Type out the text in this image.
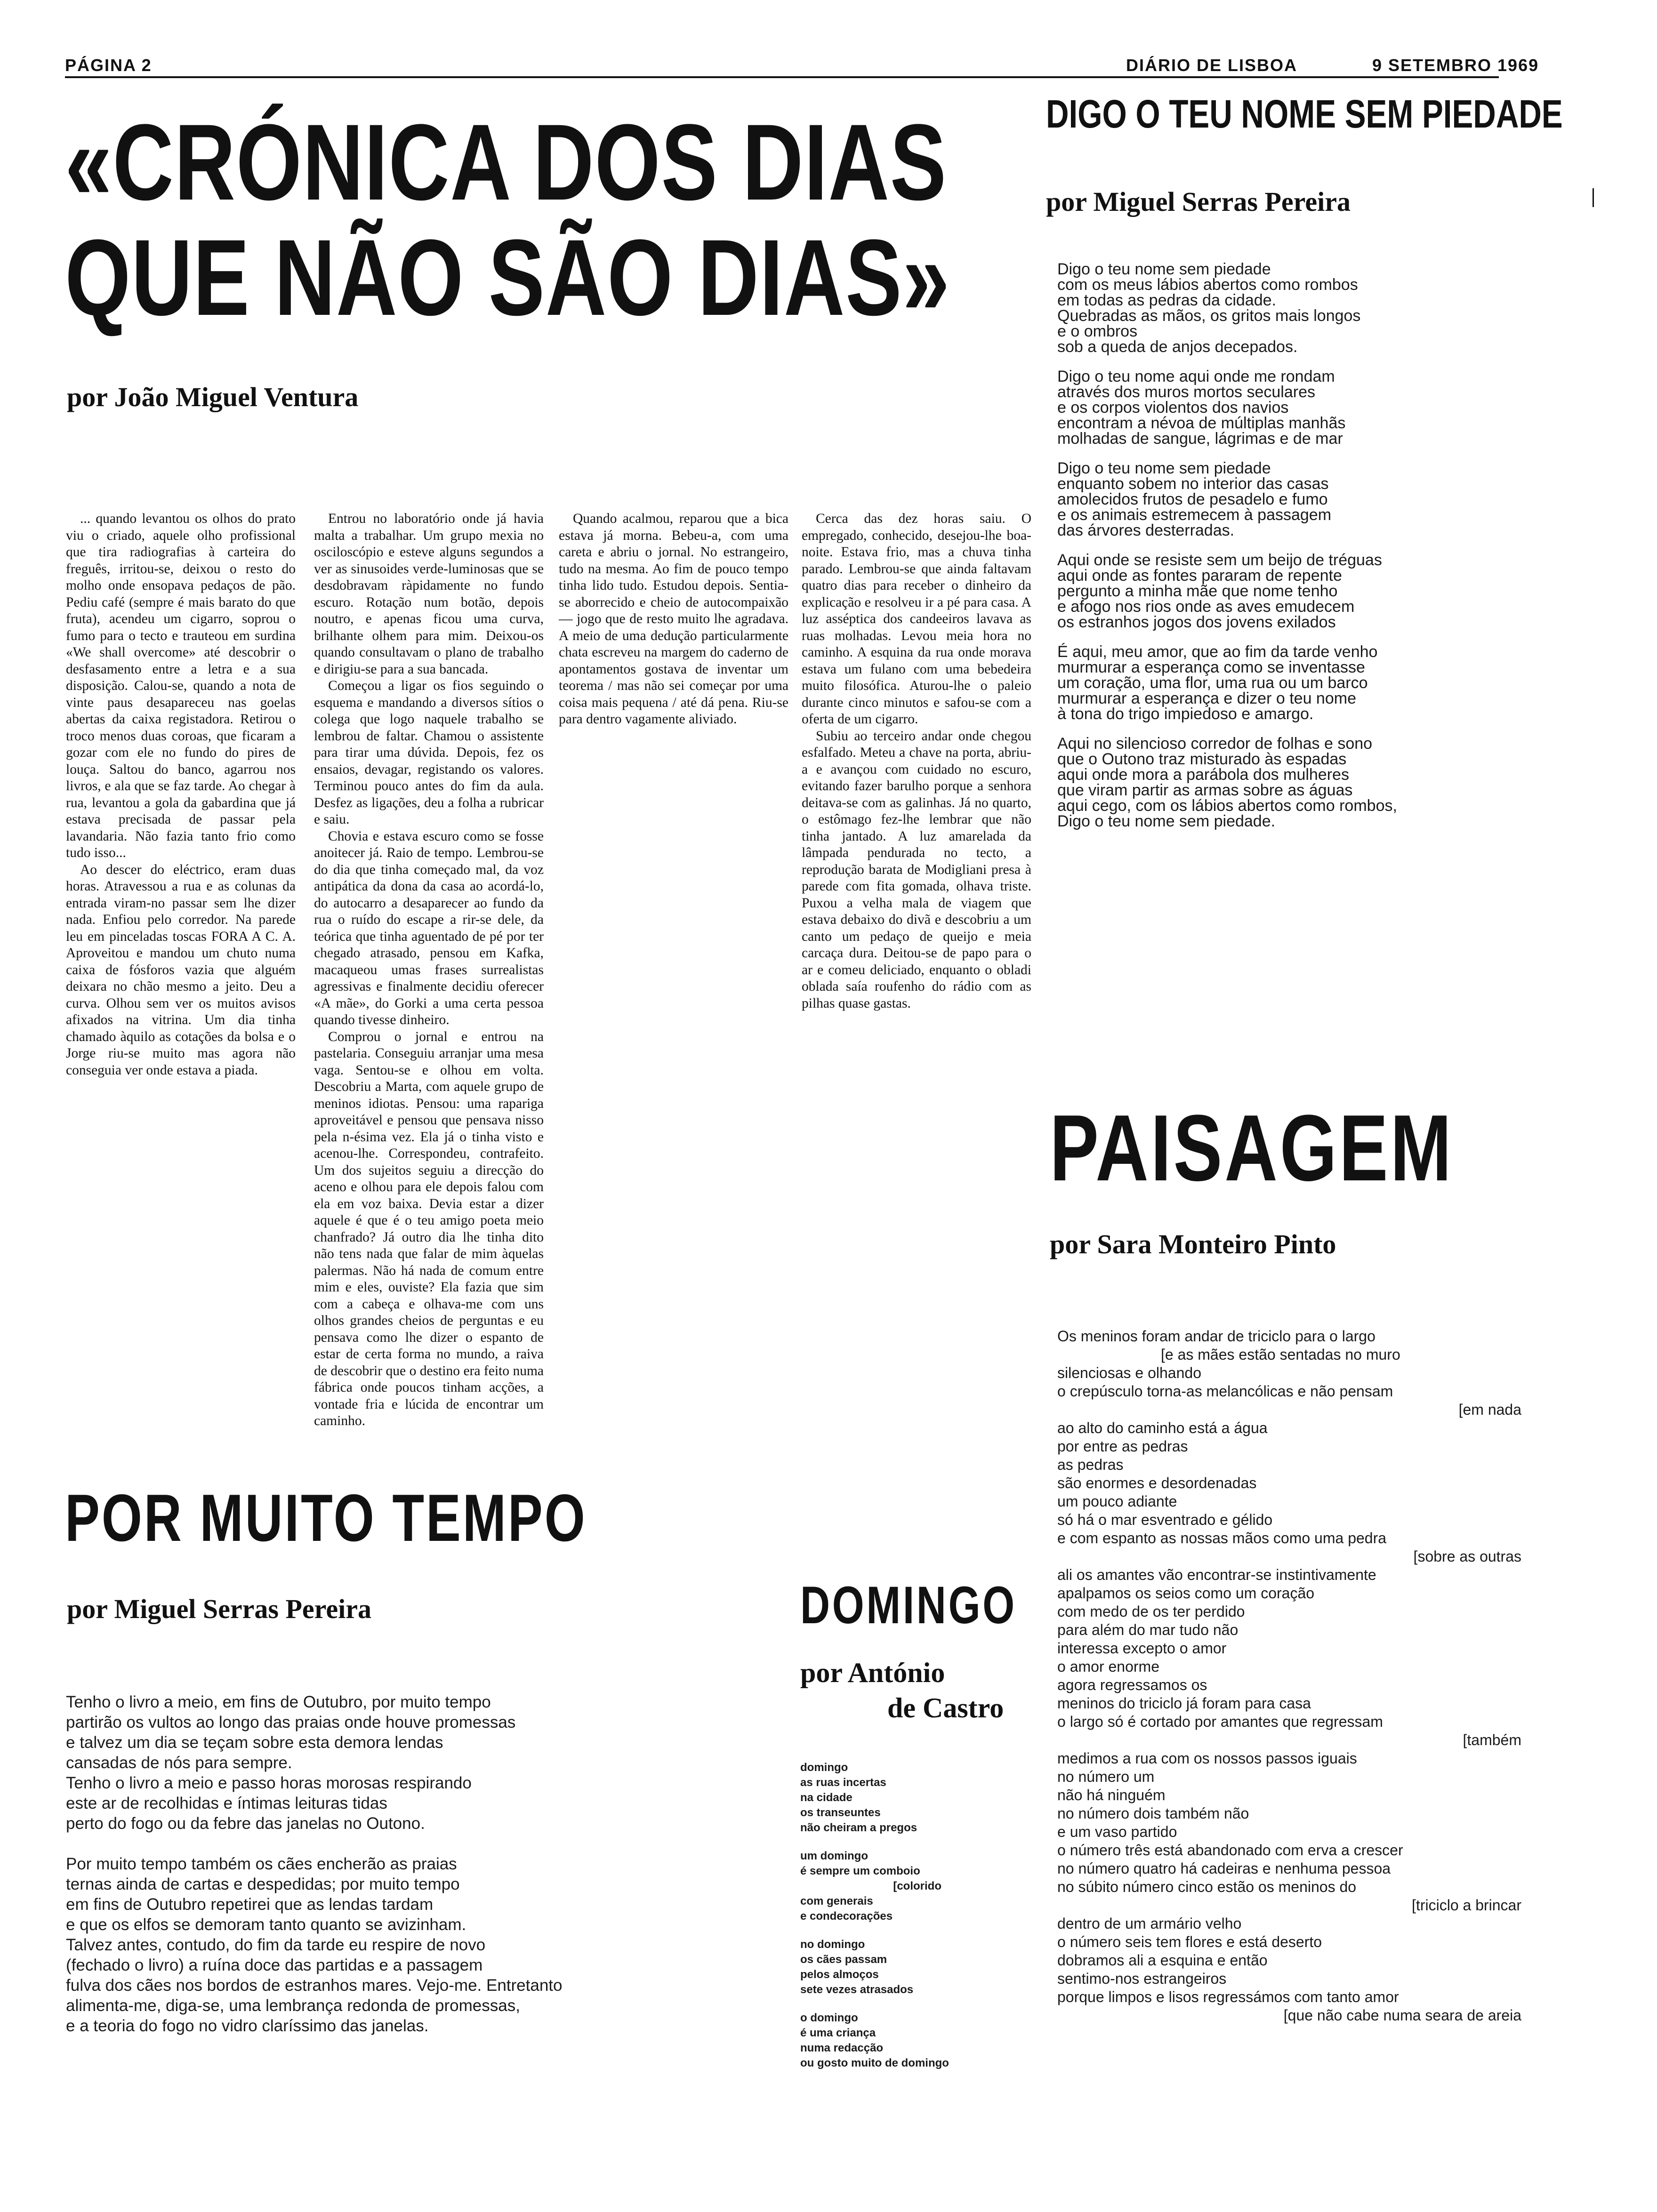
PÁGINA 2	DIÁRIO DE LISBOA	9 SETEMBRO 1969
«CRÓNICA DOS DIAS
QUE NÃO SÃO DIAS»
por João Miguel Ventura

... quando levantou os olhos do prato viu o criado, aquele olho profissional que tira radiografias à carteira do freguês, irritou-se, deixou o resto do molho onde ensopava pedaços de pão. Pediu café (sempre é mais barato do que fruta), acendeu um cigarro, soprou o fumo para o tecto e trauteou em surdina «We shall overcome» até descobrir o desfasamento entre a letra e a sua disposição. Calou-se, quando a nota de vinte paus desapareceu nas goelas abertas da caixa registadora. Retirou o troco menos duas coroas, que ficaram a gozar com ele no fundo do pires de louça. Saltou do banco, agarrou nos livros, e ala que se faz tarde. Ao chegar à rua, levantou a gola da gabardina que já estava precisada de passar pela lavandaria. Não fazia tanto frio como tudo isso...

Ao descer do eléctrico, eram duas horas. Atravessou a rua e as colunas da entrada viram-no passar sem lhe dizer nada. Enfiou pelo corredor. Na parede leu em pinceladas toscas FORA A C. A. Aproveitou e mandou um chuto numa caixa de fósforos vazia que alguém deixara no chão mesmo a jeito. Deu a curva. Olhou sem ver os muitos avisos afixados na vitrina. Um dia tinha chamado àquilo as cotações da bolsa e o Jorge riu-se muito mas agora não conseguia ver onde estava a piada.

Entrou no laboratório onde já havia malta a trabalhar. Um grupo mexia no osciloscópio e esteve alguns segundos a ver as sinusoides verde-luminosas que se desdobravam ràpidamente no fundo escuro. Rotação num botão, depois noutro, e apenas ficou uma curva, brilhante olhem para mim. Deixou-os quando consultavam o plano de trabalho e dirigiu-se para a sua bancada.

Começou a ligar os fios seguindo o esquema e mandando a diversos sítios o colega que logo naquele trabalho se lembrou de faltar. Chamou o assistente para tirar uma dúvida. Depois, fez os ensaios, devagar, registando os valores. Terminou pouco antes do fim da aula. Desfez as ligações, deu a folha a rubricar e saiu.

Chovia e estava escuro como se fosse anoitecer já. Raio de tempo. Lembrou-se do dia que tinha começado mal, da voz antipática da dona da casa ao acordá-lo, do autocarro a desaparecer ao fundo da rua o ruído do escape a rir-se dele, da teórica que tinha aguentado de pé por ter chegado atrasado, pensou em Kafka, macaqueou umas frases surrealistas agressivas e finalmente decidiu oferecer «A mãe», do Gorki a uma certa pessoa quando tivesse dinheiro.

Comprou o jornal e entrou na pastelaria. Conseguiu arranjar uma mesa vaga. Sentou-se e olhou em volta. Descobriu a Marta, com aquele grupo de meninos idiotas. Pensou: uma rapariga aproveitável e pensou que pensava nisso pela n-ésima vez. Ela já o tinha visto e acenou-lhe. Correspondeu, contrafeito. Um dos sujeitos seguiu a direcção do aceno e olhou para ele depois falou com ela em voz baixa. Devia estar a dizer aquele é que é o teu amigo poeta meio chanfrado? Já outro dia lhe tinha dito não tens nada que falar de mim àquelas palermas. Não há nada de comum entre mim e eles, ouviste? Ela fazia que sim com a cabeça e olhava-me com uns olhos grandes cheios de perguntas e eu pensava como lhe dizer o espanto de estar de certa forma no mundo, a raiva de descobrir que o destino era feito numa fábrica onde poucos tinham acções, a vontade fria e lúcida de encontrar um caminho.

Quando acalmou, reparou que a bica estava já morna. Bebeu-a, com uma careta e abriu o jornal. No estrangeiro, tudo na mesma. Ao fim de pouco tempo tinha lido tudo. Estudou depois. Sentia-se aborrecido e cheio de autocompaixão — jogo que de resto muito lhe agradava. A meio de uma dedução particularmente chata escreveu na margem do caderno de apontamentos gostava de inventar um teorema / mas não sei começar por uma coisa mais pequena / até dá pena. Riu-se para dentro vagamente aliviado.

Cerca das dez horas saiu. O empregado, conhecido, desejou-lhe boa-noite. Estava frio, mas a chuva tinha parado. Lembrou-se que ainda faltavam quatro dias para receber o dinheiro da explicação e resolveu ir a pé para casa. A luz asséptica dos candeeiros lavava as ruas molhadas. Levou meia hora no caminho. A esquina da rua onde morava estava um fulano com uma bebedeira muito filosófica. Aturou-lhe o paleio durante cinco minutos e safou-se com a oferta de um cigarro.

Subiu ao terceiro andar onde chegou esfalfado. Meteu a chave na porta, abriu-a e avançou com cuidado no escuro, evitando fazer barulho porque a senhora deitava-se com as galinhas. Já no quarto, o estômago fez-lhe lembrar que não tinha jantado. A luz amarelada da lâmpada pendurada no tecto, a reprodução barata de Modigliani presa à parede com fita gomada, olhava triste. Puxou a velha mala de viagem que estava debaixo do divã e descobriu a um canto um pedaço de queijo e meia carcaça dura. Deitou-se de papo para o ar e comeu deliciado, enquanto o obladi oblada saía roufenho do rádio com as pilhas quase gastas.

DIGO O TEU NOME SEM PIEDADE
por Miguel Serras Pereira
Digo o teu nome sem piedade
com os meus lábios abertos como rombos
em todas as pedras da cidade.
Quebradas as mãos, os gritos mais longos
e o ombros
sob a queda de anjos decepados.
Digo o teu nome aqui onde me rondam
através dos muros mortos seculares
e os corpos violentos dos navios
encontram a névoa de múltiplas manhãs
molhadas de sangue, lágrimas e de mar
Digo o teu nome sem piedade
enquanto sobem no interior das casas
amolecidos frutos de pesadelo e fumo
e os animais estremecem à passagem
das árvores desterradas.
Aqui onde se resiste sem um beijo de tréguas
aqui onde as fontes pararam de repente
pergunto a minha mãe que nome tenho
e afogo nos rios onde as aves emudecem
os estranhos jogos dos jovens exilados
É aqui, meu amor, que ao fim da tarde venho
murmurar a esperança como se inventasse
um coração, uma flor, uma rua ou um barco
murmurar a esperança e dizer o teu nome
à tona do trigo impiedoso e amargo.
Aqui no silencioso corredor de folhas e sono
que o Outono traz misturado às espadas
aqui onde mora a parábola dos mulheres
que viram partir as armas sobre as águas
aqui cego, com os lábios abertos como rombos,
Digo o teu nome sem piedade.
PAISAGEM
por Sara Monteiro Pinto
Os meninos foram andar de triciclo para o largo
[e as mães estão sentadas no muro
silenciosas e olhando
o crepúsculo torna-as melancólicas e não pensam
[em nada
ao alto do caminho está a água
por entre as pedras
as pedras
são enormes e desordenadas
um pouco adiante
só há o mar esventrado e gélido
e com espanto as nossas mãos como uma pedra
[sobre as outras
ali os amantes vão encontrar-se instintivamente
apalpamos os seios como um coração
com medo de os ter perdido
para além do mar tudo não
interessa excepto o amor
o amor enorme
agora regressamos os
meninos do triciclo já foram para casa
o largo só é cortado por amantes que regressam
[também
medimos a rua com os nossos passos iguais
no número um
não há ninguém
no número dois também não
e um vaso partido
o número três está abandonado com erva a crescer
no número quatro há cadeiras e nenhuma pessoa
no súbito número cinco estão os meninos do
[triciclo a brincar
dentro de um armário velho
o número seis tem flores e está deserto
dobramos ali a esquina e então
sentimo-nos estrangeiros
porque limpos e lisos regressámos com tanto amor
[que não cabe numa seara de areia
POR MUITO TEMPO
por Miguel Serras Pereira
Tenho o livro a meio, em fins de Outubro, por muito tempo
partirão os vultos ao longo das praias onde houve promessas
e talvez um dia se teçam sobre esta demora lendas
cansadas de nós para sempre.
Tenho o livro a meio e passo horas morosas respirando
este ar de recolhidas e íntimas leituras tidas
perto do fogo ou da febre das janelas no Outono.
Por muito tempo também os cães encherão as praias
ternas ainda de cartas e despedidas; por muito tempo
em fins de Outubro repetirei que as lendas tardam
e que os elfos se demoram tanto quanto se avizinham.
Talvez antes, contudo, do fim da tarde eu respire de novo
(fechado o livro) a ruína doce das partidas e a passagem
fulva dos cães nos bordos de estranhos mares. Vejo-me. Entretanto
alimenta-me, diga-se, uma lembrança redonda de promessas,
e a teoria do fogo no vidro claríssimo das janelas.
DOMINGO
por António
de Castro
domingo
as ruas incertas
na cidade
os transeuntes
não cheiram a pregos
um domingo
é sempre um comboio
[colorido
com generais
e condecorações
no domingo
os cães passam
pelos almoços
sete vezes atrasados
o domingo
é uma criança
numa redacção
ou gosto muito de domingo
